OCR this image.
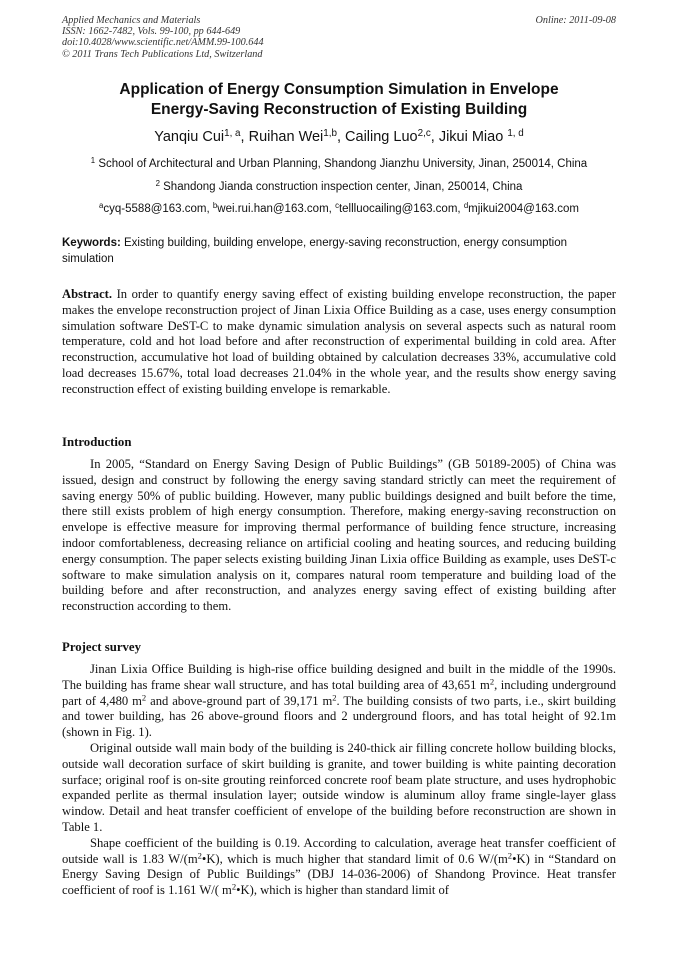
Applied Mechanics and Materials
ISSN: 1662-7482, Vols. 99-100, pp 644-649
doi:10.4028/www.scientific.net/AMM.99-100.644
© 2011 Trans Tech Publications Ltd, Switzerland
Online: 2011-09-08
Application of Energy Consumption Simulation in Envelope
Energy-Saving Reconstruction of Existing Building
Yanqiu Cui$^{1, a}$, Ruihan Wei$^{1,b}$, Cailing Luo$^{2,c}$, Jikui Miao $^{1, d}$
$^1$ School of Architectural and Urban Planning, Shandong Jianzhu University, Jinan, 250014, China
$^2$ Shandong Jianda construction inspection center, Jinan, 250014, China
$^a$cyq-5588@163.com, $^b$wei.rui.han@163.com, $^c$tellluocailing@163.com, $^d$mjikui2004@163.com
Keywords: Existing building, building envelope, energy-saving reconstruction, energy consumption simulation
Abstract. In order to quantify energy saving effect of existing building envelope reconstruction, the paper makes the envelope reconstruction project of Jinan Lixia Office Building as a case, uses energy consumption simulation software DeST-C to make dynamic simulation analysis on several aspects such as natural room temperature, cold and hot load before and after reconstruction of experimental building in cold area. After reconstruction, accumulative hot load of building obtained by calculation decreases 33%, accumulative cold load decreases 15.67%, total load decreases 21.04% in the whole year, and the results show energy saving reconstruction effect of existing building envelope is remarkable.
Introduction
In 2005, “Standard on Energy Saving Design of Public Buildings” (GB 50189-2005) of China was issued, design and construct by following the energy saving standard strictly can meet the requirement of saving energy 50% of public building. However, many public buildings designed and built before the time, there still exists problem of high energy consumption. Therefore, making energy-saving reconstruction on envelope is effective measure for improving thermal performance of building fence structure, increasing indoor comfortableness, decreasing reliance on artificial cooling and heating sources, and reducing building energy consumption. The paper selects existing building Jinan Lixia office Building as example, uses DeST-c software to make simulation analysis on it, compares natural room temperature and building load of the building before and after reconstruction, and analyzes energy saving effect of existing building after reconstruction according to them.
Project survey

Jinan Lixia Office Building is high-rise office building designed and built in the middle of the 1990s. The building has frame shear wall structure, and has total building area of 43,651 $m^2$, including underground part of 4,480 $m^2$ and above-ground part of 39,171 $m^2$. The building consists of two parts, i.e., skirt building and tower building, has 26 above-ground floors and 2 underground floors, and has total height of 92.1m (shown in Fig. 1).

Original outside wall main body of the building is 240-thick air filling concrete hollow building blocks, outside wall decoration surface of skirt building is granite, and tower building is white painting decoration surface; original roof is on-site grouting reinforced concrete roof beam plate structure, and uses hydrophobic expanded perlite as thermal insulation layer; outside window is aluminum alloy frame single-layer glass window. Detail and heat transfer coefficient of envelope of the building before reconstruction are shown in Table 1.

Shape coefficient of the building is 0.19. According to calculation, average heat transfer coefficient of outside wall is 1.83 $W/(m^2•K)$, which is much higher that standard limit of 0.6 $W/(m^2•K)$ in “Standard on Energy Saving Design of Public Buildings” (DBJ 14-036-2006) of Shandong Province. Heat transfer coefficient of roof is 1.161 W/( $m^2•K$), which is higher than standard limit of
